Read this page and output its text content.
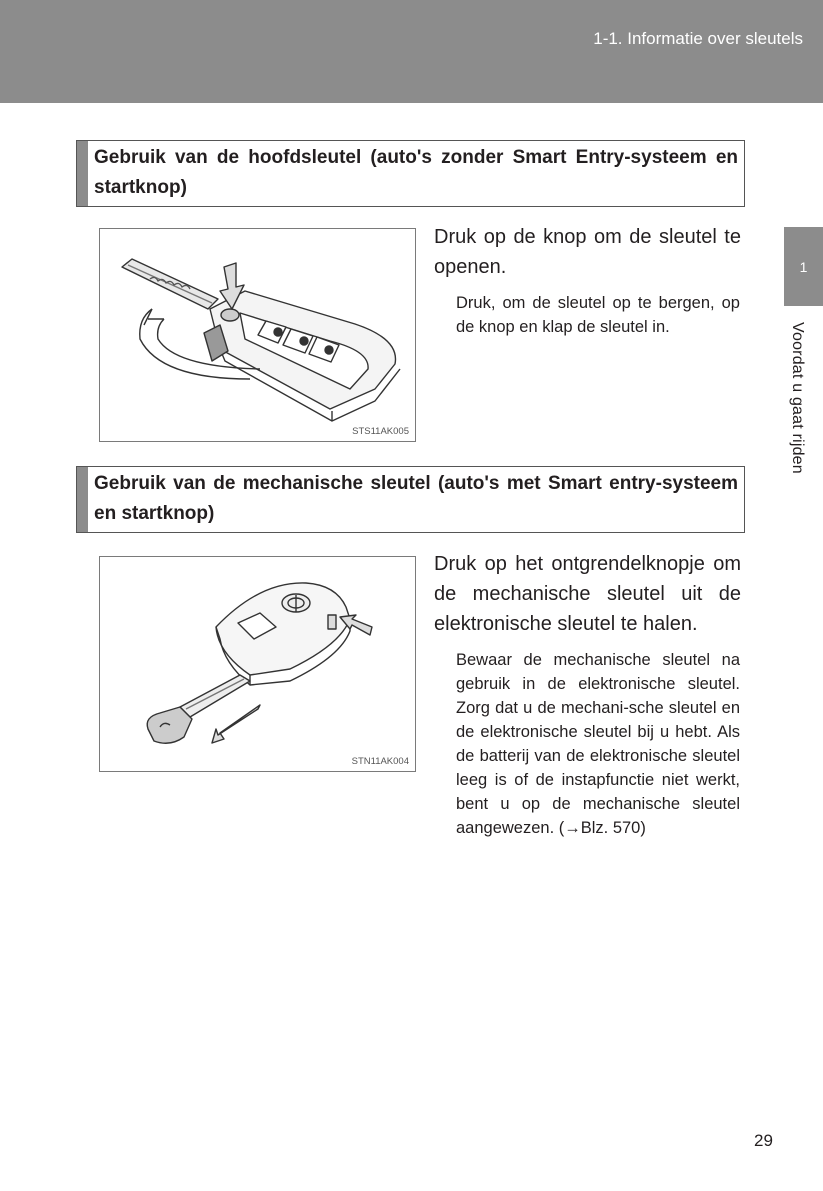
1-1. Informatie over sleutels
1
Voordat u gaat rijden
Gebruik van de hoofdsleutel (auto's zonder Smart Entry-systeem en startknop)
STS11AK005
Druk op de knop om de sleutel te openen.
Druk, om de sleutel op te bergen, op de knop en klap de sleutel in.
Gebruik van de mechanische sleutel (auto's met Smart entry-systeem en startknop)
STN11AK004
Druk op het ontgrendelknopje om de mechanische sleutel uit de elektronische sleutel te halen.
Bewaar de mechanische sleutel na gebruik in de elektronische sleutel. Zorg dat u de mechani-sche sleutel en de elektronische sleutel bij u hebt. Als de batterij van de elektronische sleutel leeg is of de instapfunctie niet werkt, bent u op de mechanische sleutel aangewezen. (→Blz. 570)
29
